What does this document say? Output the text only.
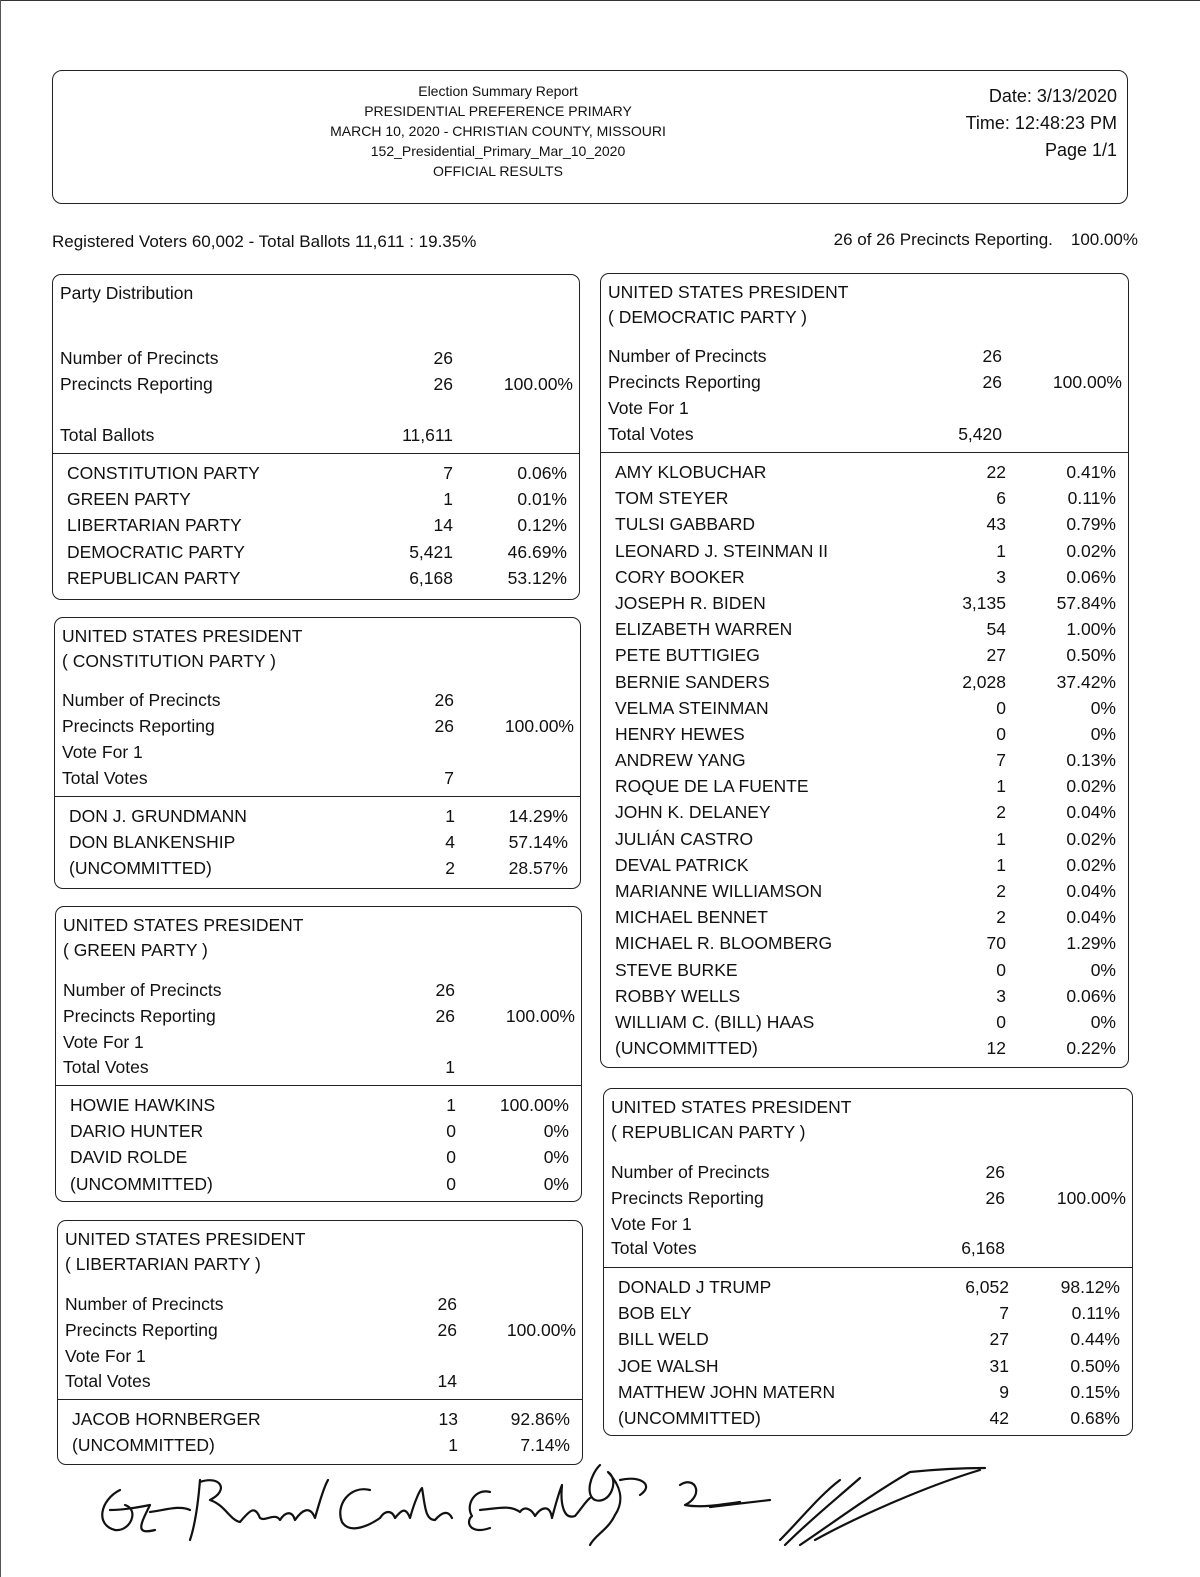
Election Summary Report
PRESIDENTIAL PREFERENCE PRIMARY
MARCH 10, 2020 - CHRISTIAN COUNTY, MISSOURI
152_Presidential_Primary_Mar_10_2020
OFFICIAL RESULTS
Date: 3/13/2020
Time: 12:48:23 PM
Page 1/1
Registered Voters 60,002 - Total Ballots 11,611 : 19.35%	26 of 26 Precincts Reporting. 100.00%
Party Distribution
Number of Precincts	26
Precincts Reporting	26	100.00%
Total Ballots	11,611
CONSTITUTION PARTY	7	0.06%
GREEN PARTY	1	0.01%
LIBERTARIAN PARTY	14	0.12%
DEMOCRATIC PARTY	5,421	46.69%
REPUBLICAN PARTY	6,168	53.12%
UNITED STATES PRESIDENT
( CONSTITUTION PARTY )
Number of Precincts	26
Precincts Reporting	26	100.00%
Vote For 1
Total Votes	7
DON J. GRUNDMANN	1	14.29%
DON BLANKENSHIP	4	57.14%
(UNCOMMITTED)	2	28.57%
UNITED STATES PRESIDENT
( GREEN PARTY )
Number of Precincts	26
Precincts Reporting	26	100.00%
Vote For 1
Total Votes	1
HOWIE HAWKINS	1	100.00%
DARIO HUNTER	0	0%
DAVID ROLDE	0	0%
(UNCOMMITTED)	0	0%
UNITED STATES PRESIDENT
( LIBERTARIAN PARTY )
Number of Precincts	26
Precincts Reporting	26	100.00%
Vote For 1
Total Votes	14
JACOB HORNBERGER	13	92.86%
(UNCOMMITTED)	1	7.14%
UNITED STATES PRESIDENT
( DEMOCRATIC PARTY )
Number of Precincts	26
Precincts Reporting	26	100.00%
Vote For 1
Total Votes	5,420
AMY KLOBUCHAR	22	0.41%
TOM STEYER	6	0.11%
TULSI GABBARD	43	0.79%
LEONARD J. STEINMAN II	1	0.02%
CORY BOOKER	3	0.06%
JOSEPH R. BIDEN	3,135	57.84%
ELIZABETH WARREN	54	1.00%
PETE BUTTIGIEG	27	0.50%
BERNIE SANDERS	2,028	37.42%
VELMA STEINMAN	0	0%
HENRY HEWES	0	0%
ANDREW YANG	7	0.13%
ROQUE DE LA FUENTE	1	0.02%
JOHN K. DELANEY	2	0.04%
JULIÁN CASTRO	1	0.02%
DEVAL PATRICK	1	0.02%
MARIANNE WILLIAMSON	2	0.04%
MICHAEL BENNET	2	0.04%
MICHAEL R. BLOOMBERG	70	1.29%
STEVE BURKE	0	0%
ROBBY WELLS	3	0.06%
WILLIAM C. (BILL) HAAS	0	0%
(UNCOMMITTED)	12	0.22%
UNITED STATES PRESIDENT
( REPUBLICAN PARTY )
Number of Precincts	26
Precincts Reporting	26	100.00%
Vote For 1
Total Votes	6,168
DONALD J TRUMP	6,052	98.12%
BOB ELY	7	0.11%
BILL WELD	27	0.44%
JOE WALSH	31	0.50%
MATTHEW JOHN MATERN	9	0.15%
(UNCOMMITTED)	42	0.68%
